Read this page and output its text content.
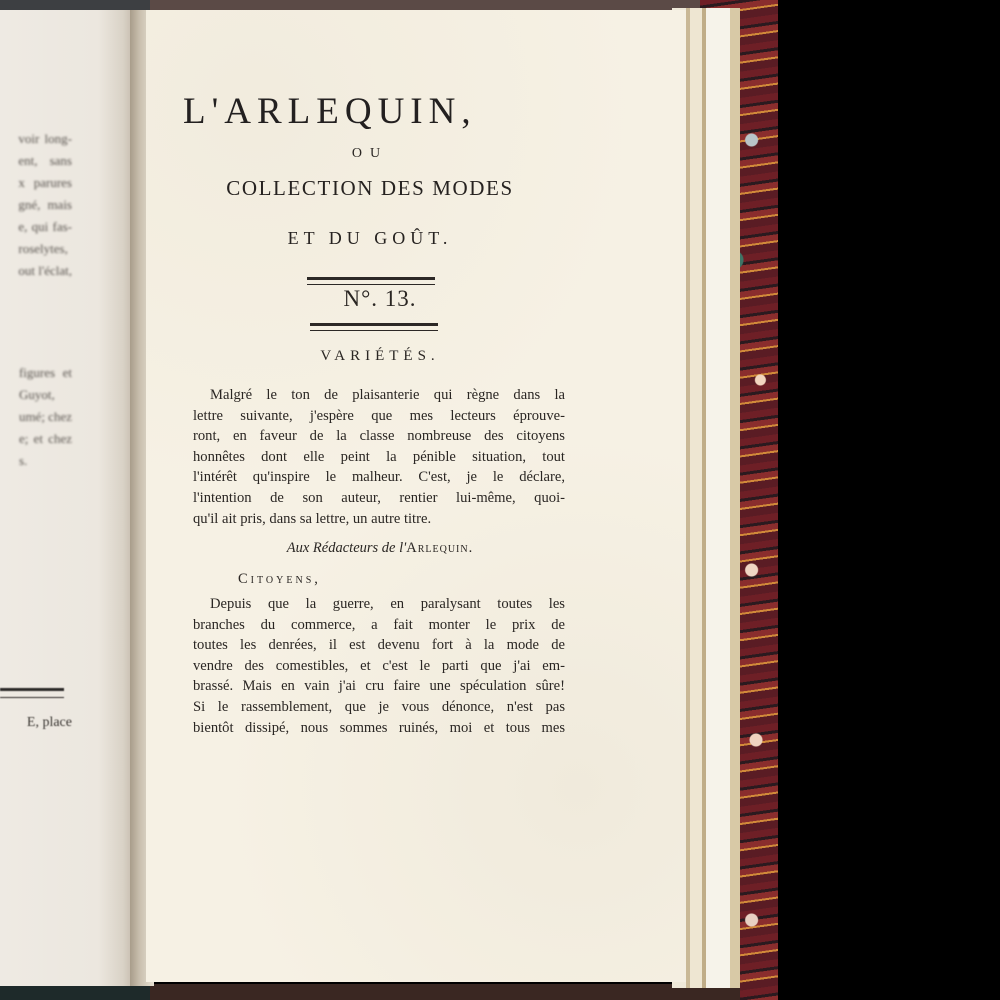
voir long-
ent, sans
x parures
gné, mais
e, qui fas-
roselytes,
out l'éclat,
figures et
Guyot,
umé; chez
e; et chez
s.
E, place
L'ARLEQUIN,
OU
COLLECTION DES MODES
ET DU GOÛT.
N°. 13.
VARIÉTÉS.
Malgré le ton de plaisanterie qui règne dans la
lettre suivante, j'espère que mes lecteurs éprouve-
ront, en faveur de la classe nombreuse des citoyens
honnêtes dont elle peint la pénible situation, tout
l'intérêt qu'inspire le malheur. C'est, je le déclare,
l'intention de son auteur, rentier lui-même, quoi-
qu'il ait pris, dans sa lettre, un autre titre.
Aux Rédacteurs de l'Arlequin.
Citoyens,
Depuis que la guerre, en paralysant toutes les
branches du commerce, a fait monter le prix de
toutes les denrées, il est devenu fort à la mode de
vendre des comestibles, et c'est le parti que j'ai em-
brassé. Mais en vain j'ai cru faire une spéculation sûre!
Si le rassemblement, que je vous dénonce, n'est pas
bientôt dissipé, nous sommes ruinés, moi et tous mes
